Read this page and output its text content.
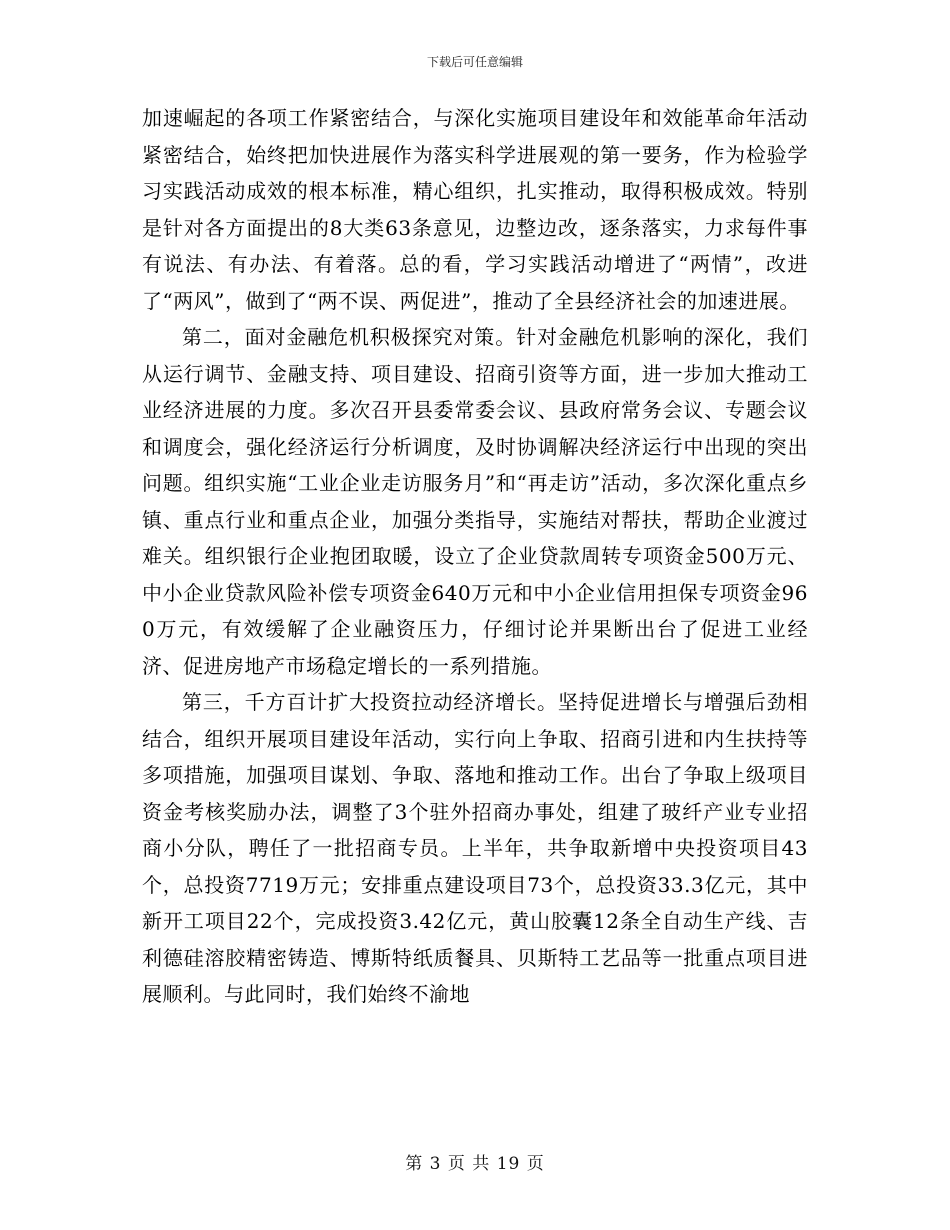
下载后可任意编辑

加速崛起的各项工作紧密结合，与深化实施项目建设年和效能革命年活动紧密结合，始终把加快进展作为落实科学进展观的第一要务，作为检验学习实践活动成效的根本标准，精心组织，扎实推动，取得积极成效。特别是针对各方面提出的8大类63条意见，边整边改，逐条落实，力求每件事有说法、有办法、有着落。总的看，学习实践活动增进了“两情”，改进了“两风”，做到了“两不误、两促进”，推动了全县经济社会的加速进展。

第二，面对金融危机积极探究对策。针对金融危机影响的深化，我们从运行调节、金融支持、项目建设、招商引资等方面，进一步加大推动工业经济进展的力度。多次召开县委常委会议、县政府常务会议、专题会议和调度会，强化经济运行分析调度，及时协调解决经济运行中出现的突出问题。组织实施“工业企业走访服务月”和“再走访”活动，多次深化重点乡镇、重点行业和重点企业，加强分类指导，实施结对帮扶，帮助企业渡过难关。组织银行企业抱团取暖，设立了企业贷款周转专项资金500万元、中小企业贷款风险补偿专项资金640万元和中小企业信用担保专项资金960万元，有效缓解了企业融资压力，仔细讨论并果断出台了促进工业经济、促进房地产市场稳定增长的一系列措施。

第三，千方百计扩大投资拉动经济增长。坚持促进增长与增强后劲相结合，组织开展项目建设年活动，实行向上争取、招商引进和内生扶持等多项措施，加强项目谋划、争取、落地和推动工作。出台了争取上级项目资金考核奖励办法，调整了3个驻外招商办事处，组建了玻纤产业专业招商小分队，聘任了一批招商专员。上半年，共争取新增中央投资项目43个，总投资7719万元；安排重点建设项目73个，总投资33.3亿元，其中新开工项目22个，完成投资3.42亿元，黄山胶囊12条全自动生产线、吉利德硅溶胶精密铸造、博斯特纸质餐具、贝斯特工艺品等一批重点项目进展顺利。与此同时，我们始终不渝地

第 3 页 共 19 页
